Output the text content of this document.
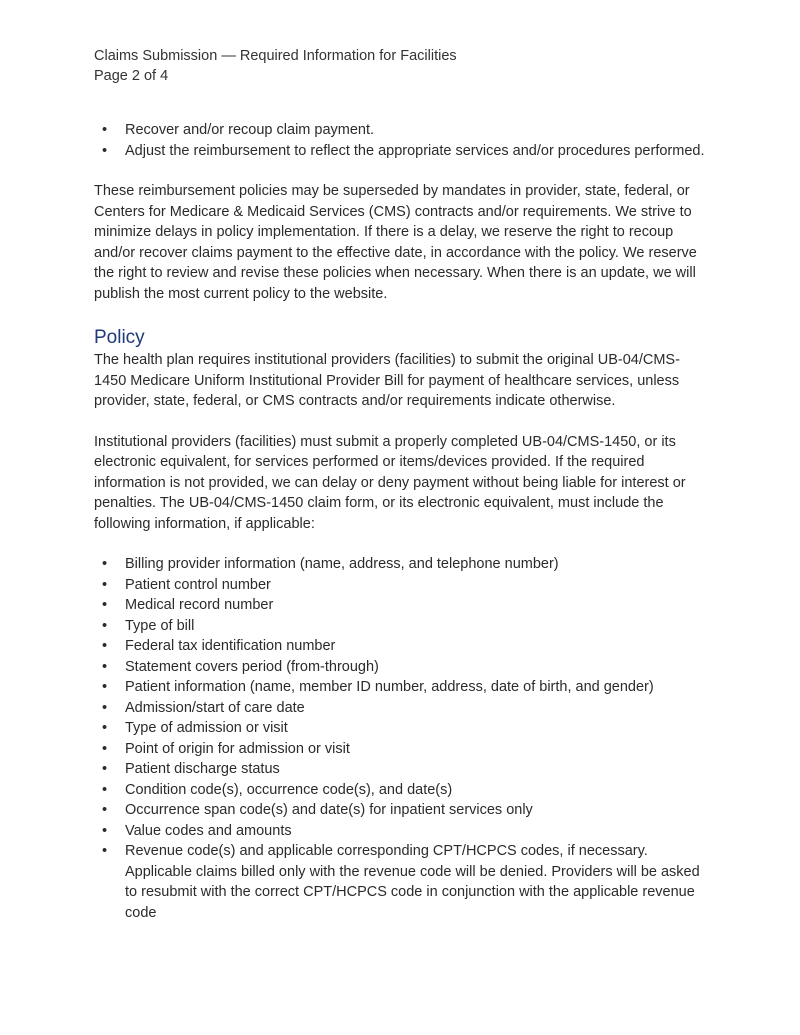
Claims Submission — Required Information for Facilities
Page 2 of 4
• Recover and/or recoup claim payment.
• Adjust the reimbursement to reflect the appropriate services and/or procedures performed.

These reimbursement policies may be superseded by mandates in provider, state, federal, or Centers for Medicare & Medicaid Services (CMS) contracts and/or requirements. We strive to minimize delays in policy implementation. If there is a delay, we reserve the right to recoup and/or recover claims payment to the effective date, in accordance with the policy. We reserve the right to review and revise these policies when necessary. When there is an update, we will publish the most current policy to the website.

Policy

The health plan requires institutional providers (facilities) to submit the original UB-04/CMS-1450 Medicare Uniform Institutional Provider Bill for payment of healthcare services, unless provider, state, federal, or CMS contracts and/or requirements indicate otherwise.

Institutional providers (facilities) must submit a properly completed UB-04/CMS-1450, or its electronic equivalent, for services performed or items/devices provided. If the required information is not provided, we can delay or deny payment without being liable for interest or penalties. The UB-04/CMS-1450 claim form, or its electronic equivalent, must include the following information, if applicable:

• Billing provider information (name, address, and telephone number)
• Patient control number
• Medical record number
• Type of bill
• Federal tax identification number
• Statement covers period (from-through)
• Patient information (name, member ID number, address, date of birth, and gender)
• Admission/start of care date
• Type of admission or visit
• Point of origin for admission or visit
• Patient discharge status
• Condition code(s), occurrence code(s), and date(s)
• Occurrence span code(s) and date(s) for inpatient services only
• Value codes and amounts
• Revenue code(s) and applicable corresponding CPT/HCPCS codes, if necessary. Applicable claims billed only with the revenue code will be denied. Providers will be asked to resubmit with the correct CPT/HCPCS code in conjunction with the applicable revenue code
